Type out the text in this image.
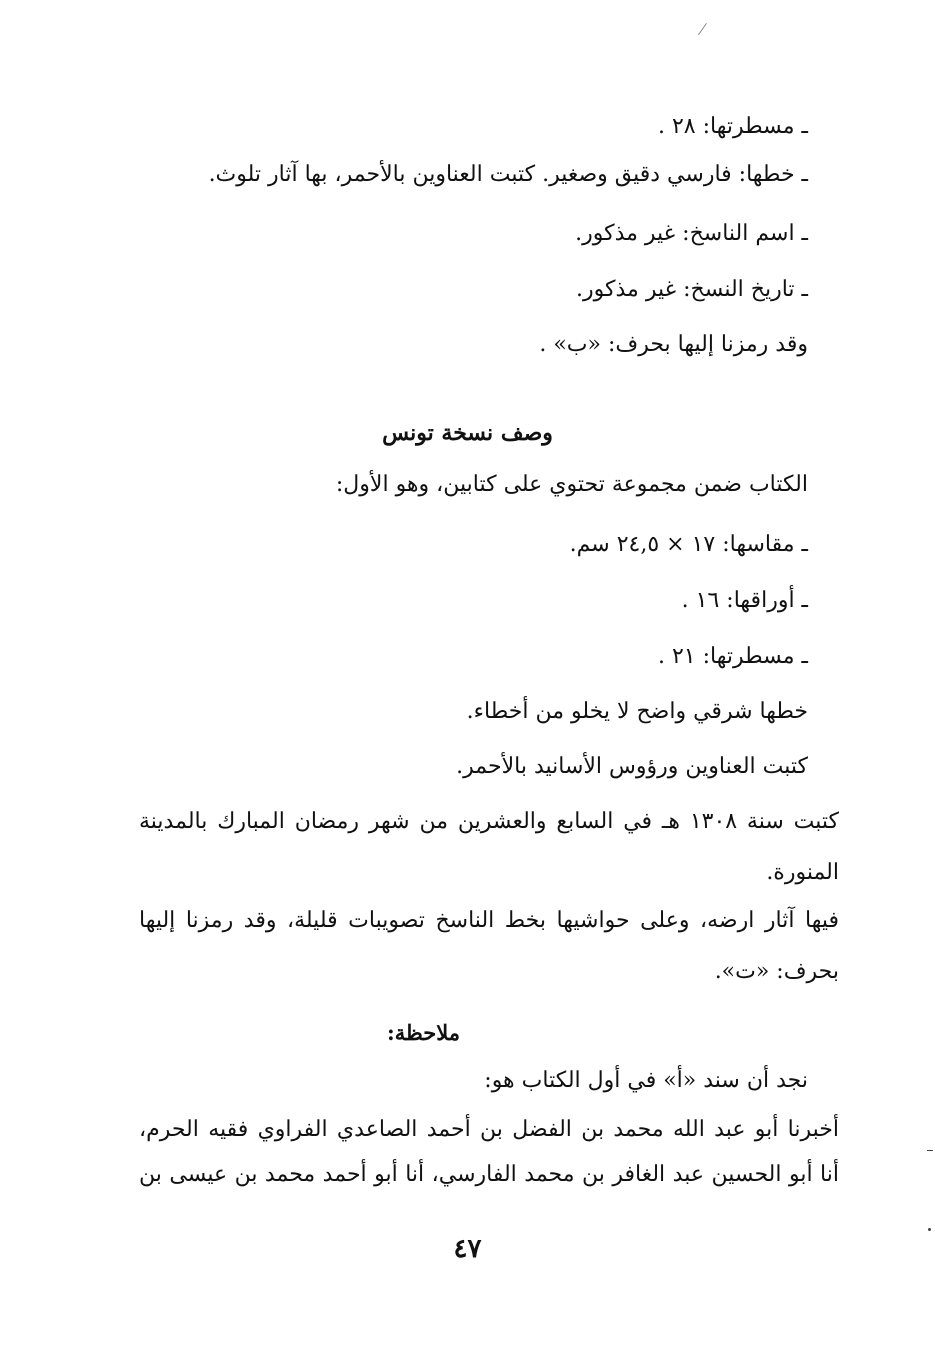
ـ مسطرتها: ٢٨ .

ـ خطها: فارسي دقيق وصغير. كتبت العناوين بالأحمر، بها آثار تلوث.

ـ اسم الناسخ: غير مذكور.

ـ تاريخ النسخ: غير مذكور.

وقد رمزنا إليها بحرف: «ب» .

وصف نسخة تونس

الكتاب ضمن مجموعة تحتوي على كتابين، وهو الأول:

ـ مقاسها: ١٧ × ٢٤,٥ سم.

ـ أوراقها: ١٦ .

ـ مسطرتها: ٢١ .

خطها شرقي واضح لا يخلو من أخطاء.

كتبت العناوين ورؤوس الأسانيد بالأحمر.

كتبت سنة ١٣٠٨ هـ في السابع والعشرين من شهر رمضان المبارك بالمدينة

المنورة.

فيها آثار ارضه، وعلى حواشيها بخط الناسخ تصويبات قليلة، وقد رمزنا إليها

بحرف: «ت».

ملاحظة:

نجد أن سند «أ» في أول الكتاب هو:

أخبرنا أبو عبد الله محمد بن الفضل بن أحمد الصاعدي الفراوي فقيه الحرم،

أنا أبو الحسين عبد الغافر بن محمد الفارسي، أنا أبو أحمد محمد بن عيسى بن

٤٧
